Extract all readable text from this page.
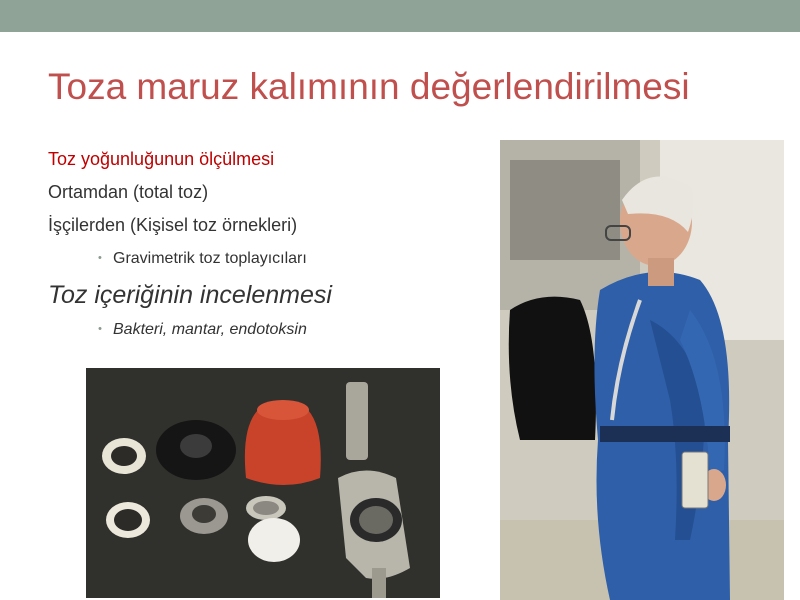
Toza maruz kalımının değerlendirilmesi
Toz yoğunluğunun ölçülmesi
Ortamdan (total toz)
İşçilerden (Kişisel toz örnekleri)
• Gravimetrik toz toplayıcıları
Toz içeriğinin incelenmesi
• Bakteri, mantar, endotoksin
